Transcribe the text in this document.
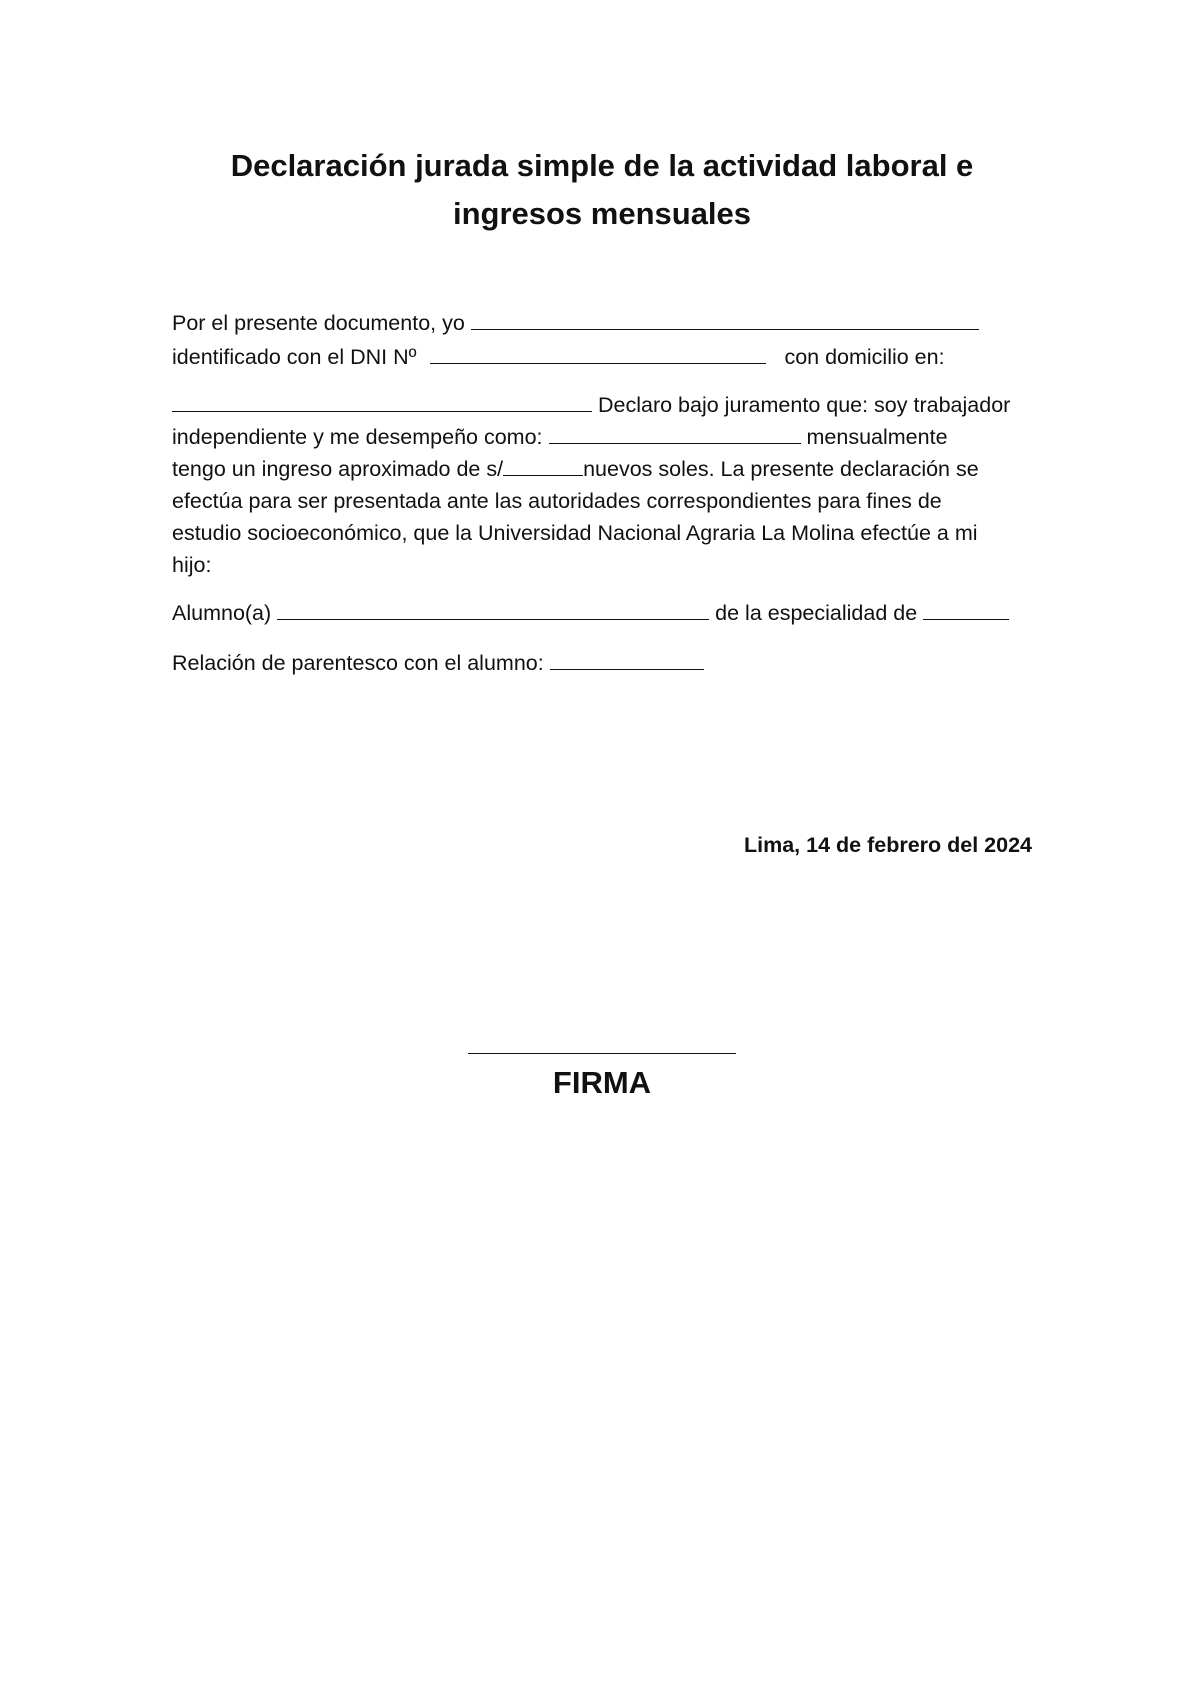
Declaración jurada simple de la actividad laboral e
ingresos mensuales

Por el presente documento, yo

identificado con el DNI Nº	con domicilio en:

Declaro bajo juramento que: soy trabajador

independiente y me desempeño como:	mensualmente

tengo un ingreso aproximado de s/	nuevos soles. La presente declaración se

efectúa para ser presentada ante las autoridades correspondientes para fines de

estudio socioeconómico, que la Universidad Nacional Agraria La Molina efectúe a mi

hijo:

Alumno(a)	de la especialidad de

Relación de parentesco con el alumno:

Lima, 14 de febrero del 2024

FIRMA
